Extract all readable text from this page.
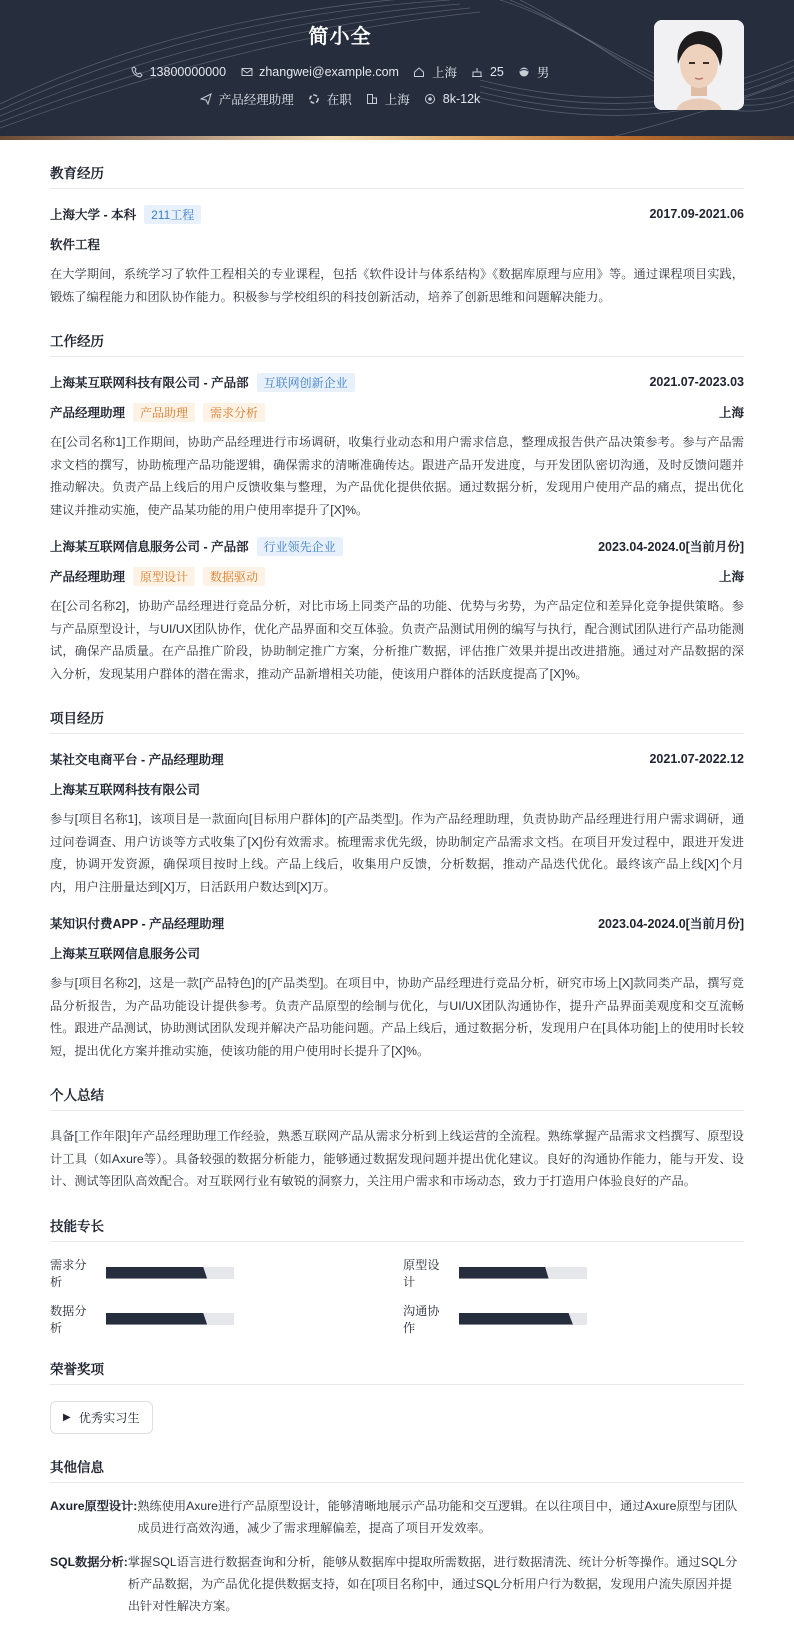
简小全
13800000000	zhangwei@example.com	上海	25	男
产品经理助理	在职	上海	8k-12k
教育经历
上海大学 - 本科	211工程	2017.09-2021.06
软件工程
在大学期间，系统学习了软件工程相关的专业课程，包括《软件设计与体系结构》《数据库原理与应用》等。通过课程项目实践，锻炼了编程能力和团队协作能力。积极参与学校组织的科技创新活动，培养了创新思维和问题解决能力。
工作经历
上海某互联网科技有限公司 - 产品部	互联网创新企业	2021.07-2023.03
产品经理助理	产品助理	需求分析	上海
在[公司名称1]工作期间，协助产品经理进行市场调研，收集行业动态和用户需求信息，整理成报告供产品决策参考。参与产品需求文档的撰写，协助梳理产品功能逻辑，确保需求的清晰准确传达。跟进产品开发进度，与开发团队密切沟通，及时反馈问题并推动解决。负责产品上线后的用户反馈收集与整理，为产品优化提供依据。通过数据分析，发现用户使用产品的痛点，提出优化建议并推动实施，使产品某功能的用户使用率提升了[X]%。
上海某互联网信息服务公司 - 产品部	行业领先企业	2023.04-2024.0[当前月份]
产品经理助理	原型设计	数据驱动	上海
在[公司名称2]，协助产品经理进行竞品分析，对比市场上同类产品的功能、优势与劣势，为产品定位和差异化竞争提供策略。参与产品原型设计，与UI/UX团队协作，优化产品界面和交互体验。负责产品测试用例的编写与执行，配合测试团队进行产品功能测试，确保产品质量。在产品推广阶段，协助制定推广方案，分析推广数据，评估推广效果并提出改进措施。通过对产品数据的深入分析，发现某用户群体的潜在需求，推动产品新增相关功能，使该用户群体的活跃度提高了[X]%。
项目经历
某社交电商平台 - 产品经理助理	2021.07-2022.12
上海某互联网科技有限公司
参与[项目名称1]，该项目是一款面向[目标用户群体]的[产品类型]。作为产品经理助理，负责协助产品经理进行用户需求调研，通过问卷调查、用户访谈等方式收集了[X]份有效需求。梳理需求优先级，协助制定产品需求文档。在项目开发过程中，跟进开发进度，协调开发资源，确保项目按时上线。产品上线后，收集用户反馈，分析数据，推动产品迭代优化。最终该产品上线[X]个月内，用户注册量达到[X]万，日活跃用户数达到[X]万。
某知识付费APP - 产品经理助理	2023.04-2024.0[当前月份]
上海某互联网信息服务公司
参与[项目名称2]，这是一款[产品特色]的[产品类型]。在项目中，协助产品经理进行竞品分析，研究市场上[X]款同类产品，撰写竞品分析报告，为产品功能设计提供参考。负责产品原型的绘制与优化，与UI/UX团队沟通协作，提升产品界面美观度和交互流畅性。跟进产品测试，协助测试团队发现并解决产品功能问题。产品上线后，通过数据分析，发现用户在[具体功能]上的使用时长较短，提出优化方案并推动实施，使该功能的用户使用时长提升了[X]%。
个人总结
具备[工作年限]年产品经理助理工作经验，熟悉互联网产品从需求分析到上线运营的全流程。熟练掌握产品需求文档撰写、原型设计工具（如Axure等）。具备较强的数据分析能力，能够通过数据发现问题并提出优化建议。良好的沟通协作能力，能与开发、设计、测试等团队高效配合。对互联网行业有敏锐的洞察力，关注用户需求和市场动态，致力于打造用户体验良好的产品。
技能专长
需求分析
原型设计
数据分析
沟通协作
荣誉奖项
▶ 优秀实习生
其他信息
Axure原型设计: 熟练使用Axure进行产品原型设计，能够清晰地展示产品功能和交互逻辑。在以往项目中，通过Axure原型与团队成员进行高效沟通，减少了需求理解偏差，提高了项目开发效率。
SQL数据分析: 掌握SQL语言进行数据查询和分析，能够从数据库中提取所需数据，进行数据清洗、统计分析等操作。通过SQL分析产品数据，为产品优化提供数据支持，如在[项目名称]中，通过SQL分析用户行为数据，发现用户流失原因并提出针对性解决方案。
